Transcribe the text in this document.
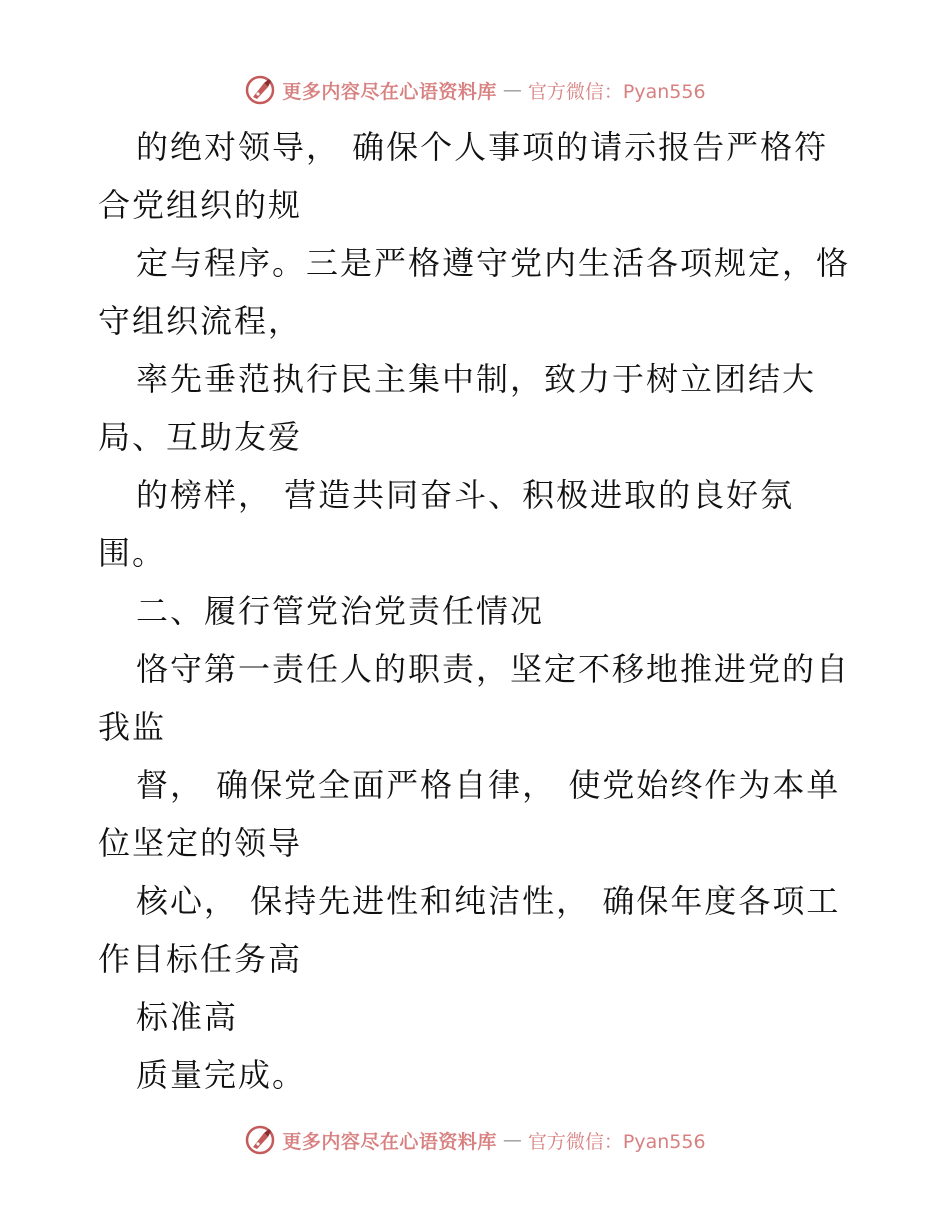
更多内容尽在心语资料库 — 官方微信：Pyan556

的绝对领导， 确保个人事项的请示报告严格符合党组织的规

定与程序。三是严格遵守党内生活各项规定，恪守组织流程，

率先垂范执行民主集中制，致力于树立团结大局、互助友爱

的榜样， 营造共同奋斗、积极进取的良好氛围。

二、履行管党治党责任情况

恪守第一责任人的职责，坚定不移地推进党的自我监

督， 确保党全面严格自律， 使党始终作为本单位坚定的领导

核心， 保持先进性和纯洁性， 确保年度各项工作目标任务高

标准高

质量完成。

更多内容尽在心语资料库 — 官方微信：Pyan556
